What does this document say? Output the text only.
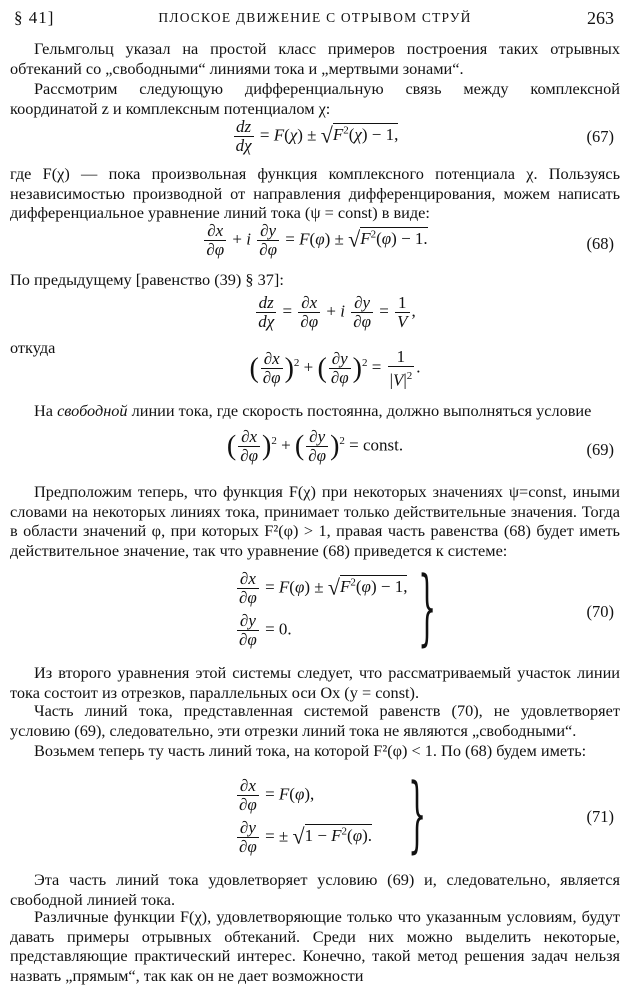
§ 41]	ПЛОСКОЕ ДВИЖЕНИЕ С ОТРЫВОМ СТРУЙ	263
Гельмгольц указал на простой класс примеров построения таких отрывных обтеканий со „свободными“ линиями тока и „мертвыми зонами“.
Рассмотрим следующую дифференциальную связь между комплексной координатой z и комплексным потенциалом χ:
$\frac{dz}{d\chi} = F(\chi) \pm √F^2(\chi) - 1$,	(67)
где F(χ) — пока произвольная функция комплексного потенциала χ. Пользуясь независимостью производной от направления дифференцирования, можем написать дифференциальное уравнение линий тока (ψ = const) в виде:
$\frac{\partial x}{\partial\varphi} + i \frac{\partial y}{\partial\varphi} = F(\varphi) \pm √F^2(\varphi) - 1$.	(68)
По предыдущему [равенство (39) § 37]:
$\frac{dz}{d\chi} = \frac{\partial x}{\partial\varphi} + i \frac{\partial y}{\partial\varphi} = \frac{1}{V}$ ,
откуда
( $\frac{\partial x}{\partial\varphi} )^2$ + ( $\frac{\partial y}{\partial\varphi} )^2 = \frac{1}{|V|^2}$ .
На свободной линии тока, где скорость постоянна, должно выполняться условие
( $\frac{\partial x}{\partial\varphi} )^2$ + ( $\frac{\partial y}{\partial\varphi} )^2$ = const.	(69)
Предположим теперь, что функция F(χ) при некоторых значениях ψ=const, иными словами на некоторых линиях тока, принимает только действительные значения. Тогда в области значений φ, при которых F²(φ) > 1, правая часть равенства (68) будет иметь действительное значение, так что уравнение (68) приведется к системе:
$\frac{\partial x}{\partial\varphi} = F(\varphi) \pm √F^2(\varphi) - 1$,
$\frac{\partial y}{\partial\varphi} = 0$.	}	(70)
Из второго уравнения этой системы следует, что рассматриваемый участок линии тока состоит из отрезков, параллельных оси Ox (y = const).
Часть линий тока, представленная системой равенств (70), не удовлетворяет условию (69), следовательно, эти отрезки линий тока не являются „свободными“.
Возьмем теперь ту часть линий тока, на которой F²(φ) < 1. По (68) будем иметь:
$\frac{\partial x}{\partial\varphi} = F(\varphi)$,
$\frac{\partial y}{\partial\varphi}$ = ± $√1 - F^2(\varphi)$. }	(71)
Эта часть линий тока удовлетворяет условию (69) и, следовательно, является свободной линией тока.
Различные функции F(χ), удовлетворяющие только что указанным условиям, будут давать примеры отрывных обтеканий. Среди них можно выделить некоторые, представляющие практический интерес. Конечно, такой метод решения задач нельзя назвать „прямым“, так как он не дает возможности
